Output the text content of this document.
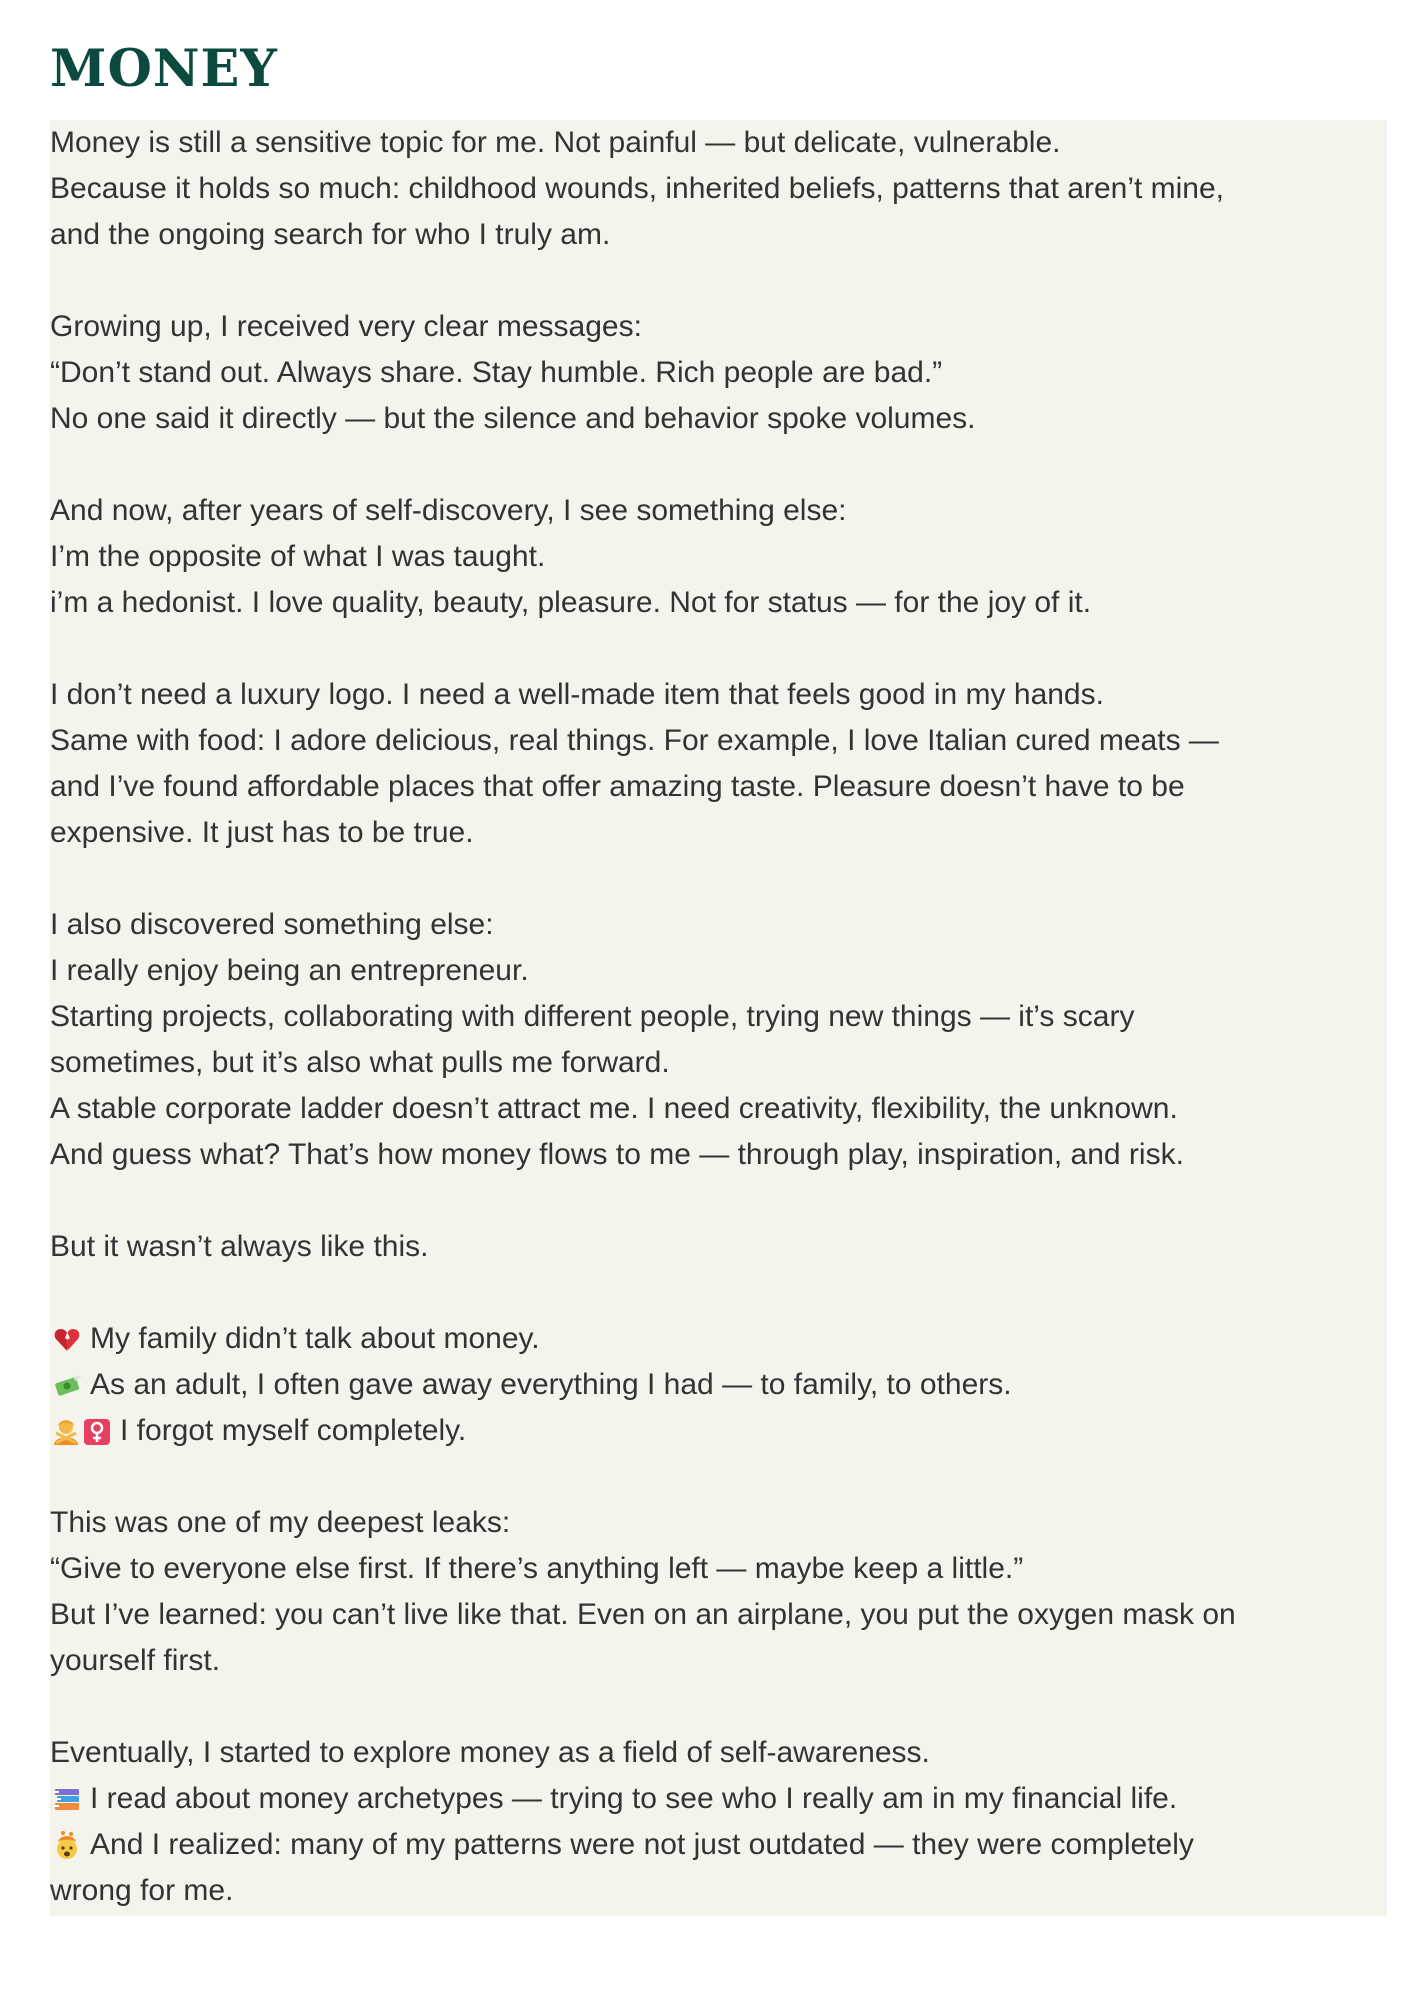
MONEY
Money is still a sensitive topic for me. Not painful — but delicate, vulnerable.
Because it holds so much: childhood wounds, inherited beliefs, patterns that aren’t mine,
and the ongoing search for who I truly am.
Growing up, I received very clear messages:
“Don’t stand out. Always share. Stay humble. Rich people are bad.”
No one said it directly — but the silence and behavior spoke volumes.
And now, after years of self-discovery, I see something else:
I’m the opposite of what I was taught.
i’m a hedonist. I love quality, beauty, pleasure. Not for status — for the joy of it.
I don’t need a luxury logo. I need a well-made item that feels good in my hands.
Same with food: I adore delicious, real things. For example, I love Italian cured meats —
and I’ve found affordable places that offer amazing taste. Pleasure doesn’t have to be
expensive. It just has to be true.
I also discovered something else:
I really enjoy being an entrepreneur.
Starting projects, collaborating with different people, trying new things — it’s scary
sometimes, but it’s also what pulls me forward.
A stable corporate ladder doesn’t attract me. I need creativity, flexibility, the unknown.
And guess what? That’s how money flows to me — through play, inspiration, and risk.
But it wasn’t always like this.
My family didn’t talk about money.
As an adult, I often gave away everything I had — to family, to others.
I forgot myself completely.
This was one of my deepest leaks:
“Give to everyone else first. If there’s anything left — maybe keep a little.”
But I’ve learned: you can’t live like that. Even on an airplane, you put the oxygen mask on
yourself first.
Eventually, I started to explore money as a field of self-awareness.
I read about money archetypes — trying to see who I really am in my financial life.
And I realized: many of my patterns were not just outdated — they were completely
wrong for me.
